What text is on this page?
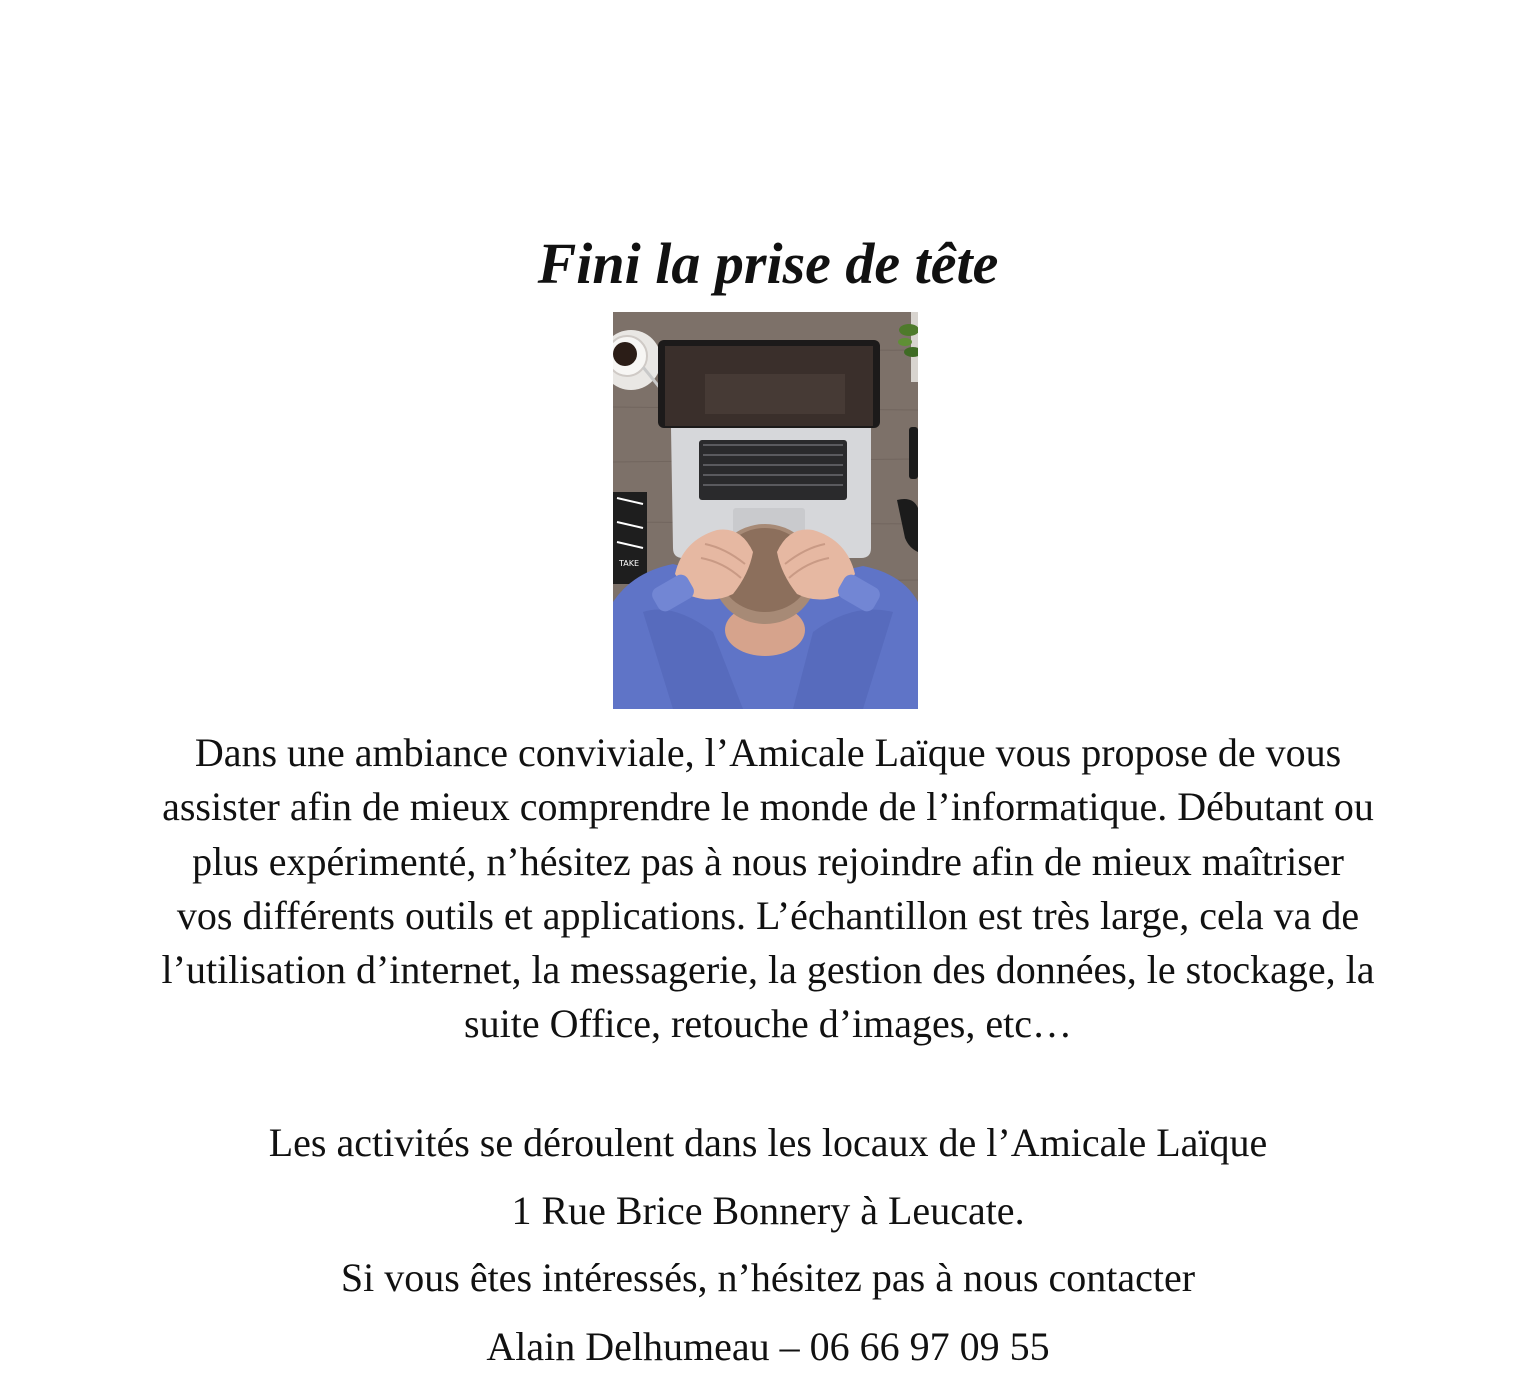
Fini la prise de tête
TAKE

Dans une ambiance conviviale, l’Amicale Laïque vous propose de vous assister afin de mieux comprendre le monde de l’informatique. Débutant ou plus expérimenté, n’hésitez pas à nous rejoindre afin de mieux maîtriser vos différents outils et applications. L’échantillon est très large, cela va de l’utilisation d’internet, la messagerie, la gestion des données, le stockage, la suite Office, retouche d’images, etc…

Les activités se déroulent dans les locaux de l’Amicale Laïque

1 Rue Brice Bonnery à Leucate.

Si vous êtes intéressés, n’hésitez pas à nous contacter

Alain Delhumeau – 06 66 97 09 55
